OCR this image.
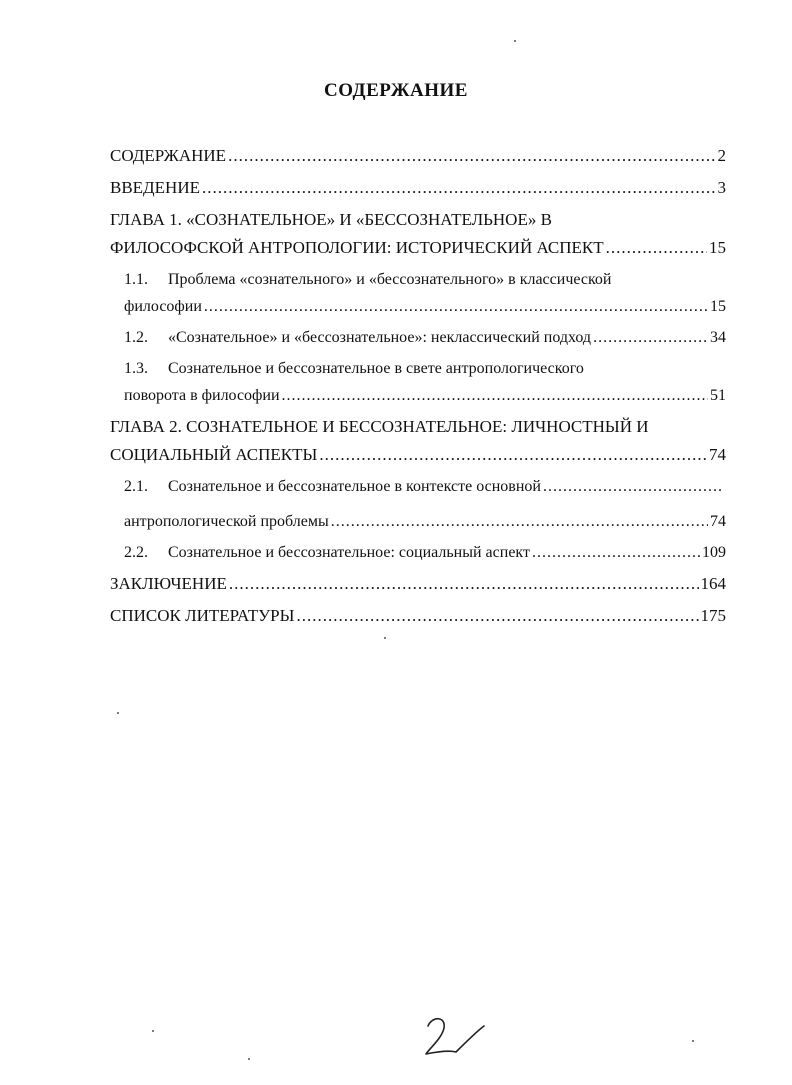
СОДЕРЖАНИЕ
СОДЕРЖАНИЕ .....	2
ВВЕДЕНИЕ .....	3
ГЛАВА 1. «СОЗНАТЕЛЬНОЕ» И «БЕССОЗНАТЕЛЬНОЕ» В
ФИЛОСОФСКОЙ АНТРОПОЛОГИИ: ИСТОРИЧЕСКИЙ АСПЕКТ .....	15
1.1. Проблема «сознательного» и «бессознательного» в классической
философии .....	15
1.2. «Сознательное» и «бессознательное»: неклассический подход .....	34
1.3. Сознательное и бессознательное в свете антропологического
поворота в философии .....	51
ГЛАВА 2. СОЗНАТЕЛЬНОЕ И БЕССОЗНАТЕЛЬНОЕ: ЛИЧНОСТНЫЙ И
СОЦИАЛЬНЫЙ АСПЕКТЫ .....	74
2.1. Сознательное и бессознательное в контексте основной
.....
антропологической проблемы .....	74
2.2. Сознательное и бессознательное: социальный аспект .....	109
ЗАКЛЮЧЕНИЕ .....	164
СПИСОК ЛИТЕРАТУРЫ .....	175
